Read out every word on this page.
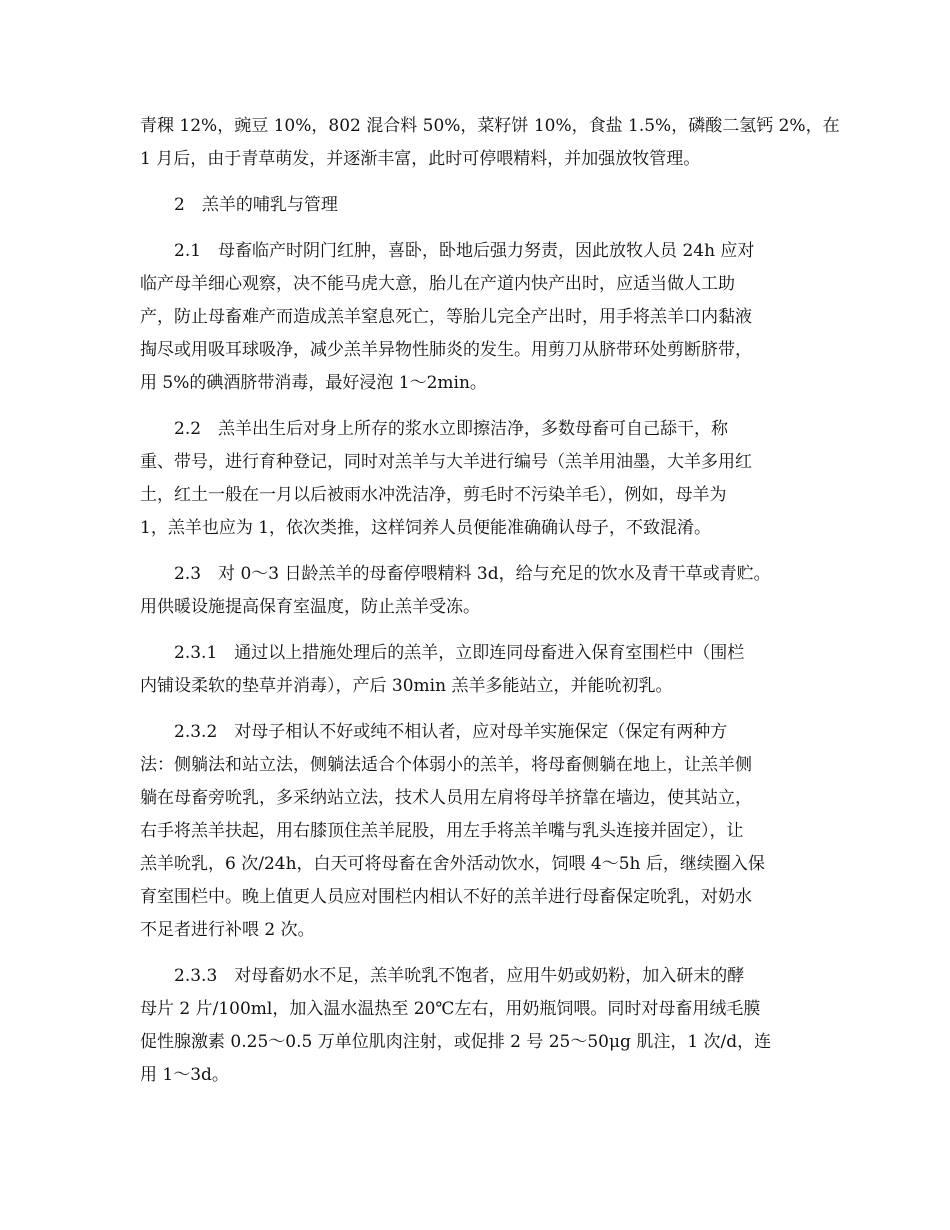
青稞 12%，豌豆 10%，802 混合料 50%，菜籽饼 10%，食盐 1.5%，磷酸二氢钙 2%，在
1 月后，由于青草萌发，并逐渐丰富，此时可停喂精料，并加强放牧管理。
2　羔羊的哺乳与管理
2.1　母畜临产时阴门红肿，喜卧，卧地后强力努责，因此放牧人员 24h 应对
临产母羊细心观察，决不能马虎大意，胎儿在产道内快产出时，应适当做人工助
产，防止母畜难产而造成羔羊窒息死亡，等胎儿完全产出时，用手将羔羊口内黏液
掏尽或用吸耳球吸净，减少羔羊异物性肺炎的发生。用剪刀从脐带环处剪断脐带，
用 5%的碘酒脐带消毒，最好浸泡 1～2min。
2.2　羔羊出生后对身上所存的浆水立即擦洁净，多数母畜可自己舔干，称
重、带号，进行育种登记，同时对羔羊与大羊进行编号（羔羊用油墨，大羊多用红
土，红土一般在一月以后被雨水冲洗洁净，剪毛时不污染羊毛），例如，母羊为
1，羔羊也应为 1，依次类推，这样饲养人员便能准确确认母子，不致混淆。
2.3　对 0～3 日龄羔羊的母畜停喂精料 3d，给与充足的饮水及青干草或青贮。
用供暖设施提高保育室温度，防止羔羊受冻。
2.3.1　通过以上措施处理后的羔羊，立即连同母畜进入保育室围栏中（围栏
内铺设柔软的垫草并消毒），产后 30min 羔羊多能站立，并能吮初乳。
2.3.2　对母子相认不好或纯不相认者，应对母羊实施保定（保定有两种方
法：侧躺法和站立法，侧躺法适合个体弱小的羔羊，将母畜侧躺在地上，让羔羊侧
躺在母畜旁吮乳，多采纳站立法，技术人员用左肩将母羊挤靠在墙边，使其站立，
右手将羔羊扶起，用右膝顶住羔羊屁股，用左手将羔羊嘴与乳头连接并固定），让
羔羊吮乳，6 次/24h，白天可将母畜在舍外活动饮水，饲喂 4～5h 后，继续圈入保
育室围栏中。晚上值更人员应对围栏内相认不好的羔羊进行母畜保定吮乳，对奶水
不足者进行补喂 2 次。
2.3.3　对母畜奶水不足，羔羊吮乳不饱者，应用牛奶或奶粉，加入研末的酵
母片 2 片/100ml，加入温水温热至 20℃左右，用奶瓶饲喂。同时对母畜用绒毛膜
促性腺激素 0.25～0.5 万单位肌肉注射，或促排 2 号 25～50μg 肌注，1 次/d，连
用 1～3d。
